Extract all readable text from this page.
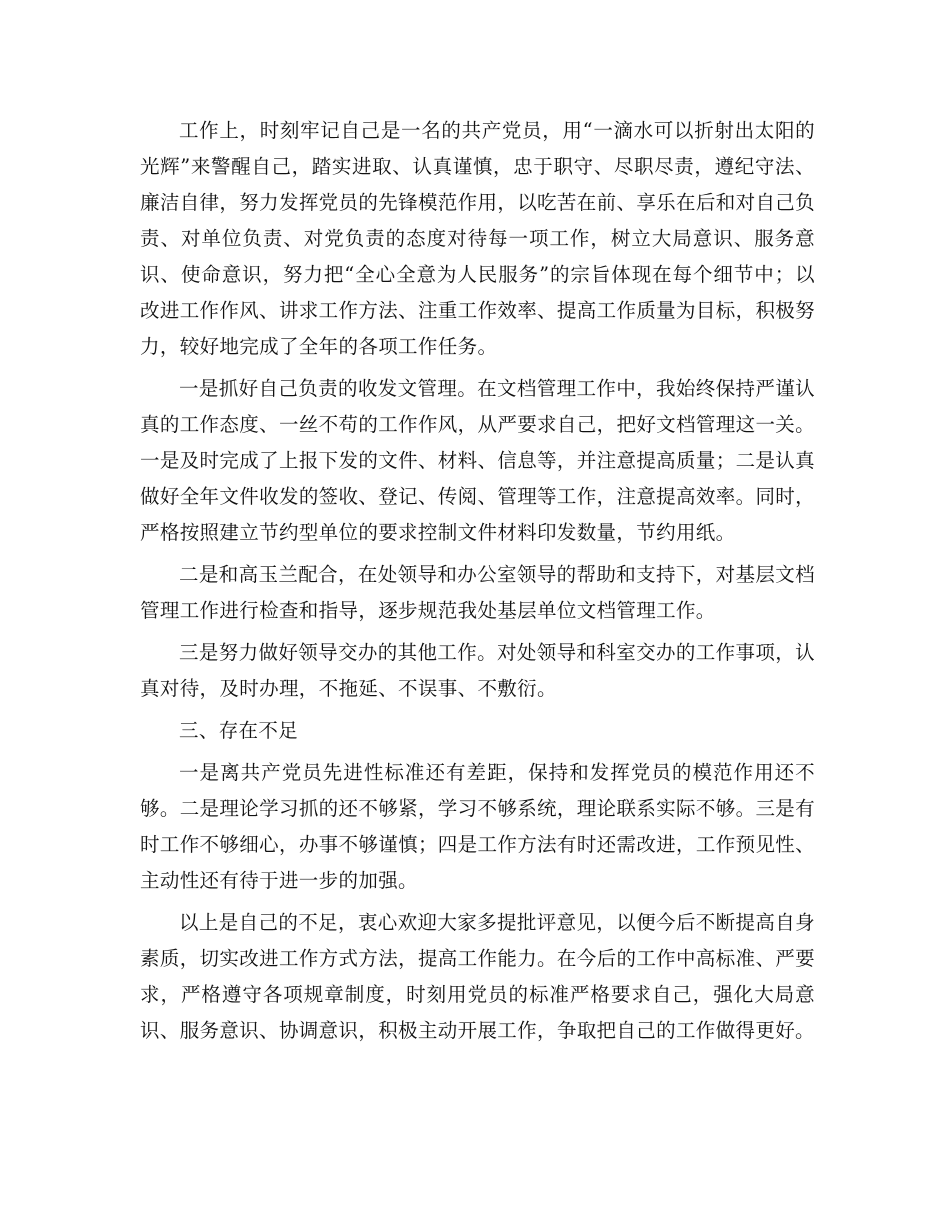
工作上，时刻牢记自己是一名的共产党员，用“一滴水可以折射出太阳的光辉”来警醒自己，踏实进取、认真谨慎，忠于职守、尽职尽责，遵纪守法、廉洁自律，努力发挥党员的先锋模范作用，以吃苦在前、享乐在后和对自己负责、对单位负责、对党负责的态度对待每一项工作，树立大局意识、服务意识、使命意识，努力把“全心全意为人民服务”的宗旨体现在每个细节中；以改进工作作风、讲求工作方法、注重工作效率、提高工作质量为目标，积极努力，较好地完成了全年的各项工作任务。

一是抓好自己负责的收发文管理。在文档管理工作中，我始终保持严谨认真的工作态度、一丝不苟的工作作风，从严要求自己，把好文档管理这一关。一是及时完成了上报下发的文件、材料、信息等，并注意提高质量；二是认真做好全年文件收发的签收、登记、传阅、管理等工作，注意提高效率。同时，严格按照建立节约型单位的要求控制文件材料印发数量，节约用纸。

二是和高玉兰配合，在处领导和办公室领导的帮助和支持下，对基层文档管理工作进行检查和指导，逐步规范我处基层单位文档管理工作。

三是努力做好领导交办的其他工作。对处领导和科室交办的工作事项，认真对待，及时办理，不拖延、不误事、不敷衍。

三、存在不足

一是离共产党员先进性标准还有差距，保持和发挥党员的模范作用还不够。二是理论学习抓的还不够紧，学习不够系统，理论联系实际不够。三是有时工作不够细心，办事不够谨慎；四是工作方法有时还需改进，工作预见性、主动性还有待于进一步的加强。

以上是自己的不足，衷心欢迎大家多提批评意见，以便今后不断提高自身素质，切实改进工作方式方法，提高工作能力。在今后的工作中高标准、严要求，严格遵守各项规章制度，时刻用党员的标准严格要求自己，强化大局意识、服务意识、协调意识，积极主动开展工作，争取把自己的工作做得更好。
